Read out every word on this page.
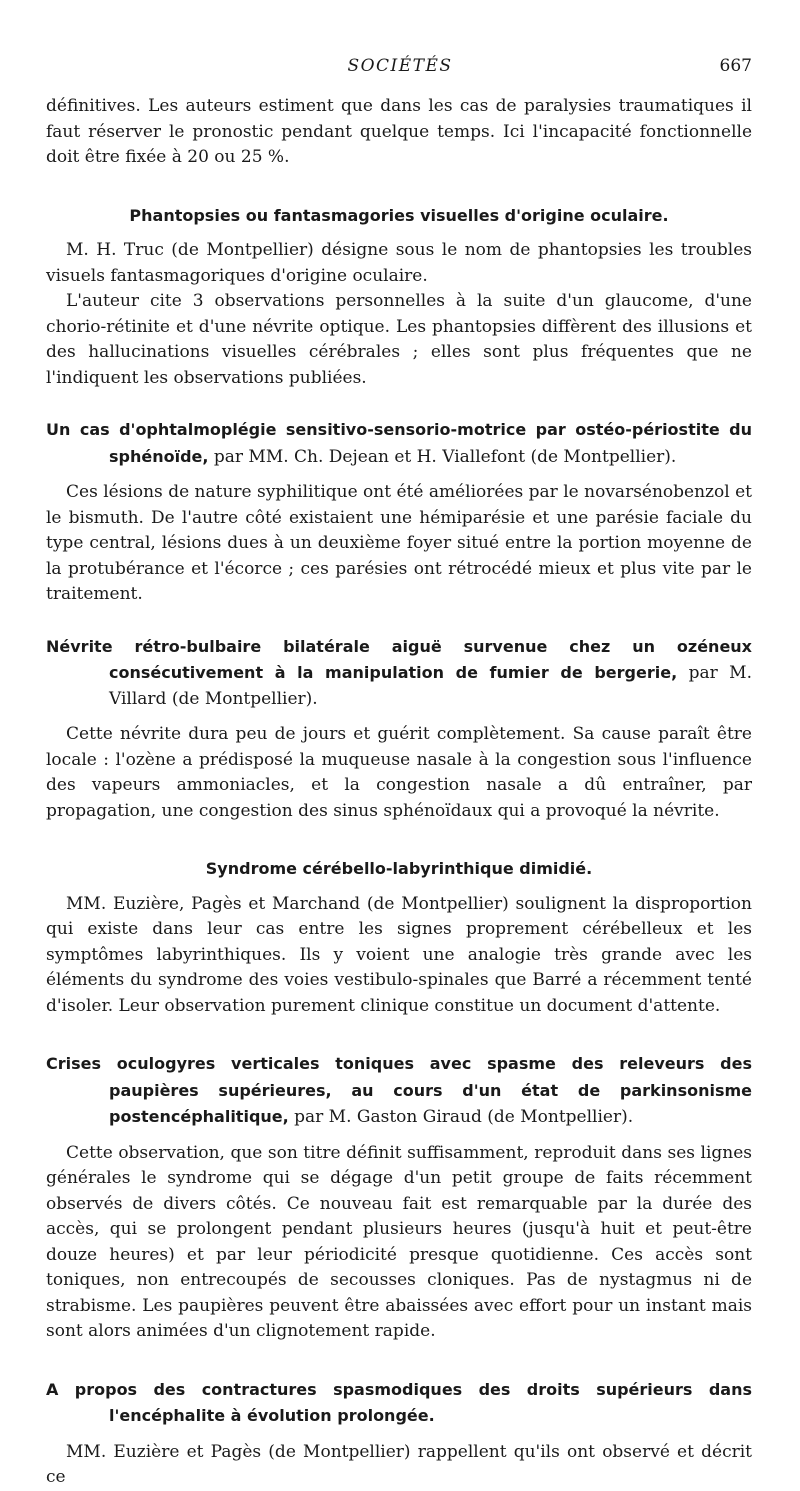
SOCIÉTÉS	667

définitives. Les auteurs estiment que dans les cas de paralysies traumatiques il faut réserver le pronostic pendant quelque temps. Ici l'incapacité fonctionnelle doit être fixée à 20 ou 25 %.

Phantopsies ou fantasmagories visuelles d'origine oculaire.

M. H. Truc (de Montpellier) désigne sous le nom de phantopsies les troubles visuels fantasmagoriques d'origine oculaire.

L'auteur cite 3 observations personnelles à la suite d'un glaucome, d'une chorio-rétinite et d'une névrite optique. Les phantopsies diffèrent des illusions et des hallucinations visuelles cérébrales ; elles sont plus fréquentes que ne l'indiquent les observations publiées.

Un cas d'ophtalmoplégie sensitivo-sensorio-motrice par ostéo-périostite du sphénoïde, par MM. Ch. Dejean et H. Viallefont (de Montpellier).

Ces lésions de nature syphilitique ont été améliorées par le novarsénobenzol et le bismuth. De l'autre côté existaient une hémiparésie et une parésie faciale du type central, lésions dues à un deuxième foyer situé entre la portion moyenne de la protubérance et l'écorce ; ces parésies ont rétrocédé mieux et plus vite par le traitement.

Névrite rétro-bulbaire bilatérale aiguë survenue chez un ozéneux consécutivement à la manipulation de fumier de bergerie, par M. Villard (de Montpellier).

Cette névrite dura peu de jours et guérit complètement. Sa cause paraît être locale : l'ozène a prédisposé la muqueuse nasale à la congestion sous l'influence des vapeurs ammoniacles, et la congestion nasale a dû entraîner, par propagation, une congestion des sinus sphénoïdaux qui a provoqué la névrite.

Syndrome cérébello-labyrinthique dimidié.

MM. Euzière, Pagès et Marchand (de Montpellier) soulignent la disproportion qui existe dans leur cas entre les signes proprement cérébelleux et les symptômes labyrinthiques. Ils y voient une analogie très grande avec les éléments du syndrome des voies vestibulo-spinales que Barré a récemment tenté d'isoler. Leur observation purement clinique constitue un document d'attente.

Crises oculogyres verticales toniques avec spasme des releveurs des paupières supérieures, au cours d'un état de parkinsonisme postencéphalitique, par M. Gaston Giraud (de Montpellier).

Cette observation, que son titre définit suffisamment, reproduit dans ses lignes générales le syndrome qui se dégage d'un petit groupe de faits récemment observés de divers côtés. Ce nouveau fait est remarquable par la durée des accès, qui se prolongent pendant plusieurs heures (jusqu'à huit et peut-être douze heures) et par leur périodicité presque quotidienne. Ces accès sont toniques, non entrecoupés de secousses cloniques. Pas de nystagmus ni de strabisme. Les paupières peuvent être abaissées avec effort pour un instant mais sont alors animées d'un clignotement rapide.

A propos des contractures spasmodiques des droits supérieurs dans l'encéphalite à évolution prolongée.

MM. Euzière et Pagès (de Montpellier) rappellent qu'ils ont observé et décrit ce
